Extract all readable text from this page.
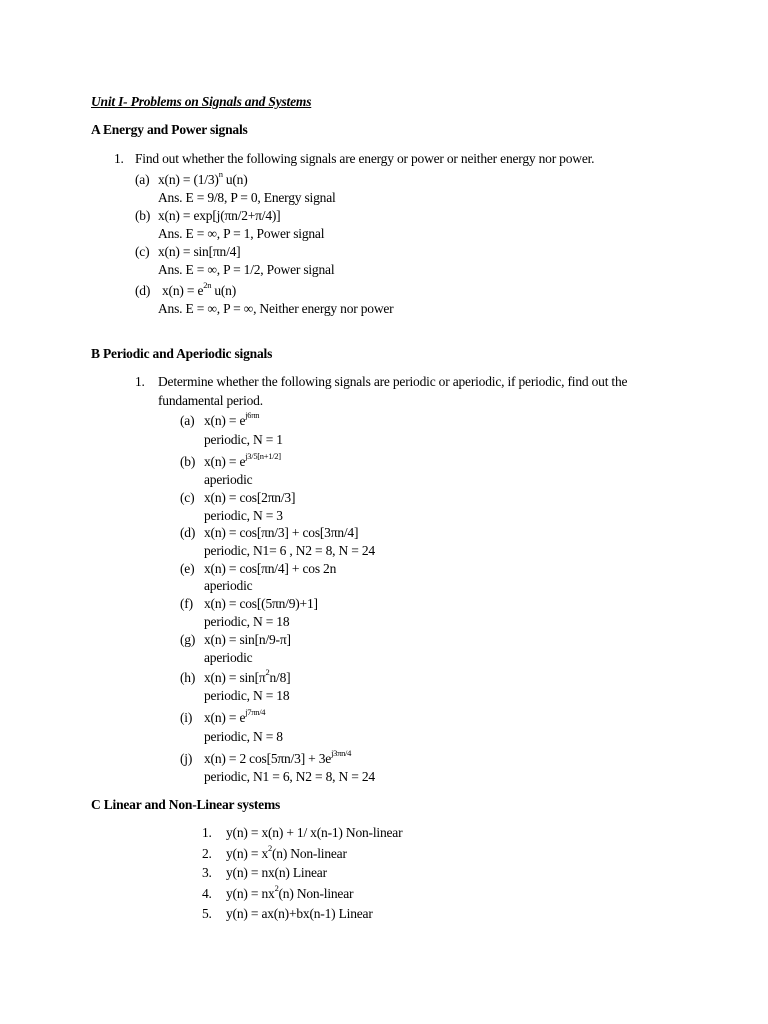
Unit I- Problems on Signals and Systems
A Energy and Power signals
1. Find out whether the following signals are energy or power or neither energy nor power.
(a) $x(n) = (1/3)^n$ u(n)
Ans. E = 9/8, P = 0, Energy signal
(b) x(n) = exp[j(πn/2+π/4)]
Ans. E = ∞, P = 1, Power signal
(c) x(n) = sin[πn/4]
Ans. E = ∞, P = 1/2, Power signal
(d) $x(n) = e^{2n}$ u(n)
Ans. E = ∞, P = ∞, Neither energy nor power
B Periodic and Aperiodic signals
1. Determine whether the following signals are periodic or aperiodic, if periodic, find out the
fundamental period.
(a) $x(n) = e^{j6\pi n}$
periodic, N = 1
(b) $x(n) = e^{j3/5[n+1/2]}$
aperiodic
(c) x(n) = cos[2πn/3]
periodic, N = 3
(d) x(n) = cos[πn/3] + cos[3πn/4]
periodic, N1= 6 , N2 = 8, N = 24
(e) x(n) = cos[πn/4] + cos 2n
aperiodic
(f) x(n) = cos[(5πn/9)+1]
periodic, N = 18
(g) x(n) = sin[n/9-π]
aperiodic
(h) $x(n) = \sin[\pi^2n/8]$
periodic, N = 18
(i) $x(n) = e^{j7\pi n/4}$
periodic, N = 8
(j) x(n) = 2 $\cos[5\pi n/3] + 3e^{j3\pi n/4}$
periodic, N1 = 6, N2 = 8, N = 24
C Linear and Non-Linear systems
1. y(n) = x(n) + 1/ x(n-1) Non-linear
2. $y(n) = x^2(n)$ Non-linear
3. y(n) = nx(n) Linear
4. $y(n) = nx^2(n)$ Non-linear
5. y(n) = ax(n)+bx(n-1) Linear
